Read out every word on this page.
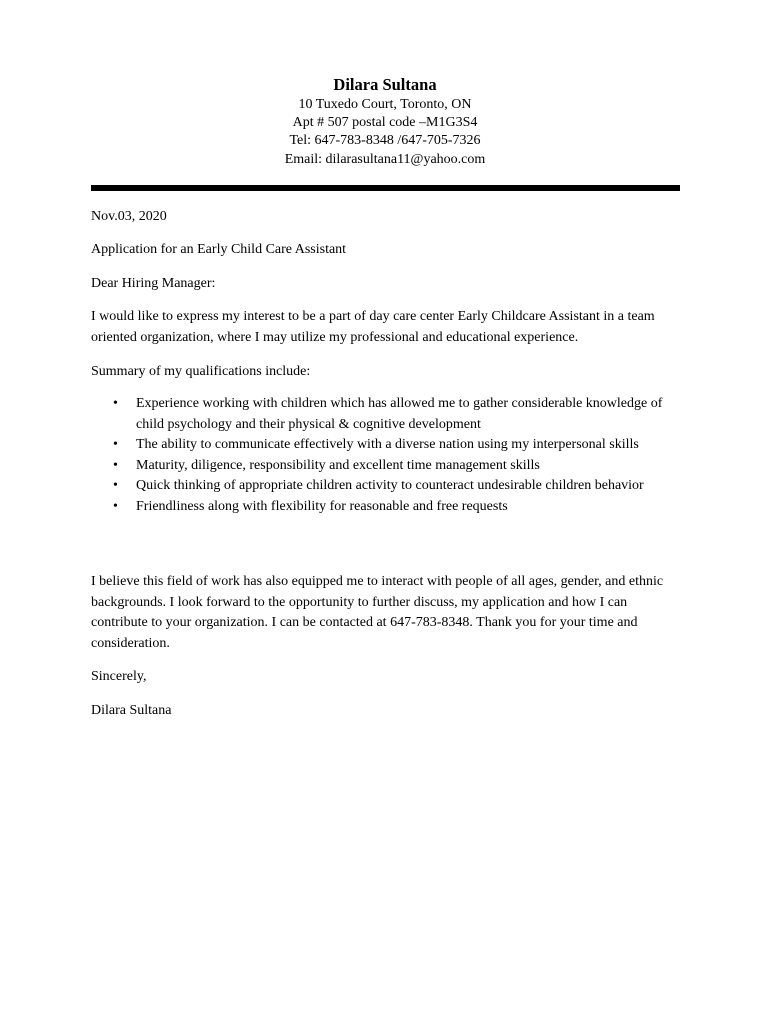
Dilara Sultana
10 Tuxedo Court, Toronto, ON
Apt # 507 postal code –M1G3S4
Tel: 647-783-8348 /647-705-7326
Email: dilarasultana11@yahoo.com
Nov.03, 2020
Application for an Early Child Care Assistant
Dear Hiring Manager:
I would like to express my interest to be a part of day care center Early Childcare Assistant in a team oriented organization, where I may utilize my professional and educational experience.
Summary of my qualifications include:
• Experience working with children which has allowed me to gather considerable knowledge of child psychology and their physical & cognitive development
• The ability to communicate effectively with a diverse nation using my interpersonal skills
• Maturity, diligence, responsibility and excellent time management skills
• Quick thinking of appropriate children activity to counteract undesirable children behavior
• Friendliness along with flexibility for reasonable and free requests
I believe this field of work has also equipped me to interact with people of all ages, gender, and ethnic backgrounds. I look forward to the opportunity to further discuss, my application and how I can contribute to your organization. I can be contacted at 647-783-8348. Thank you for your time and consideration.
Sincerely,
Dilara Sultana
